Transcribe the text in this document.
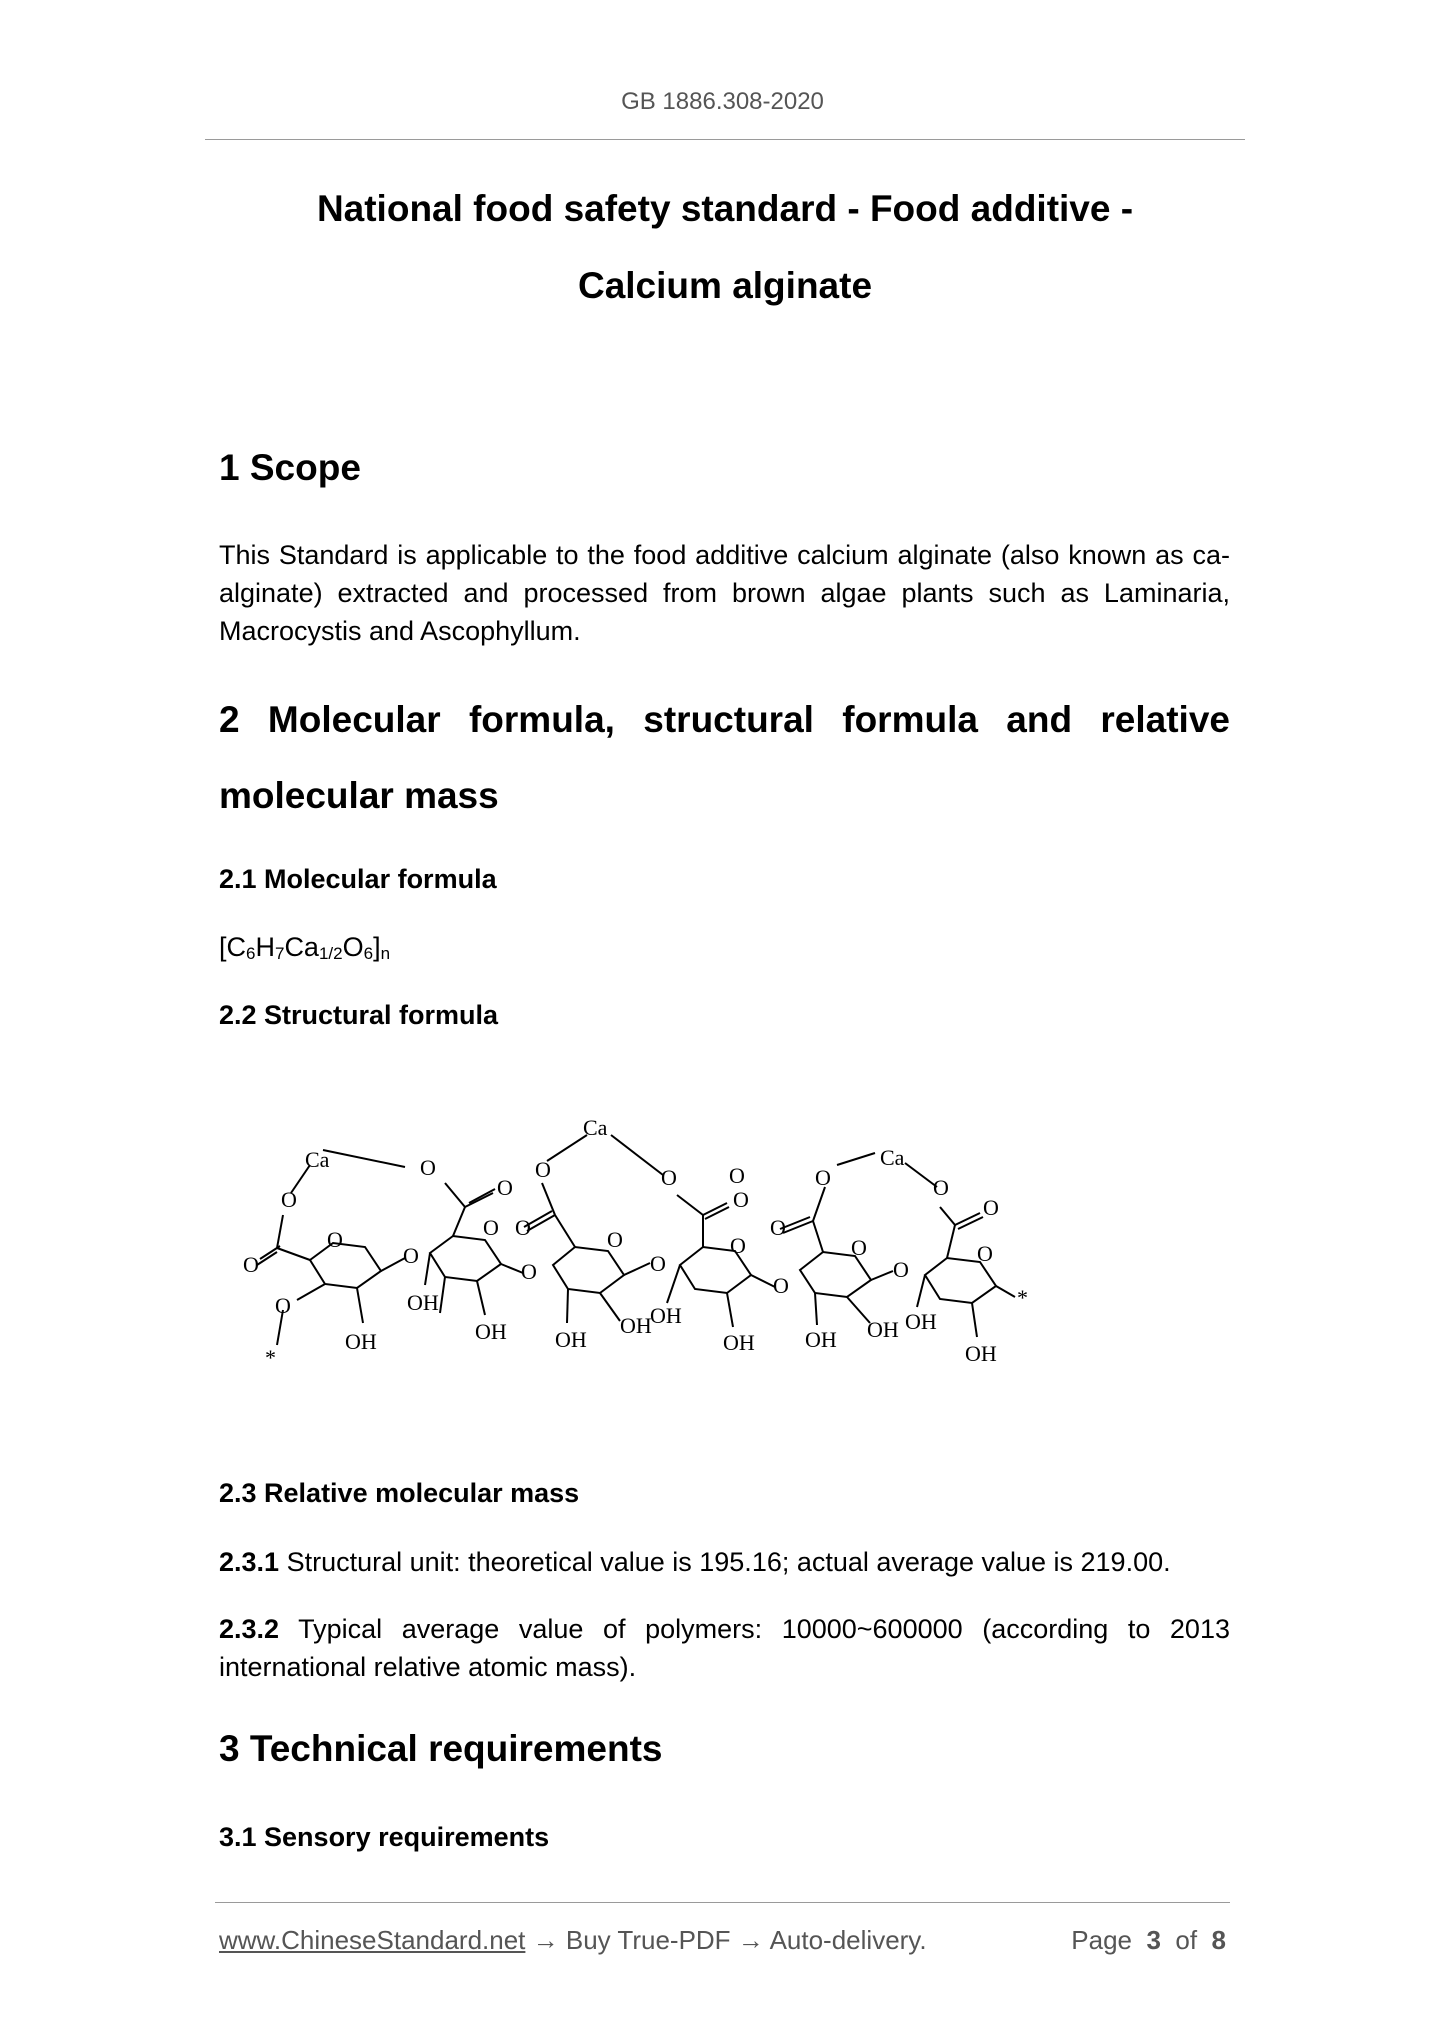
GB 1886.308-2020
National food safety standard - Food additive -
Calcium alginate
1 Scope
This Standard is applicable to the food additive calcium alginate (also known as ca-alginate) extracted and processed from brown algae plants such as Laminaria, Macrocystis and Ascophyllum.
2 Molecular formula, structural formula and relative molecular mass
2.1 Molecular formula
$[C_6H_7Ca_{1/2}O_6]_n$
2.2 Structural formula
Ca
O
O
O
O
*
OH
O
O
O
O
OH
OH
O
O
Ca
O	O
OH
OH
O
O O
O
O
OH
OH
O
O
O
O
Ca
OH OH
O
O
O
O
OH
OH
*
2.3 Relative molecular mass
2.3.1 Structural unit: theoretical value is 195.16; actual average value is 219.00.
2.3.2 Typical average value of polymers: 10000~600000 (according to 2013 international relative atomic mass).
3 Technical requirements
3.1 Sensory requirements
www.ChineseStandard.net → Buy True-PDF → Auto-delivery.	Page 3 of 8
